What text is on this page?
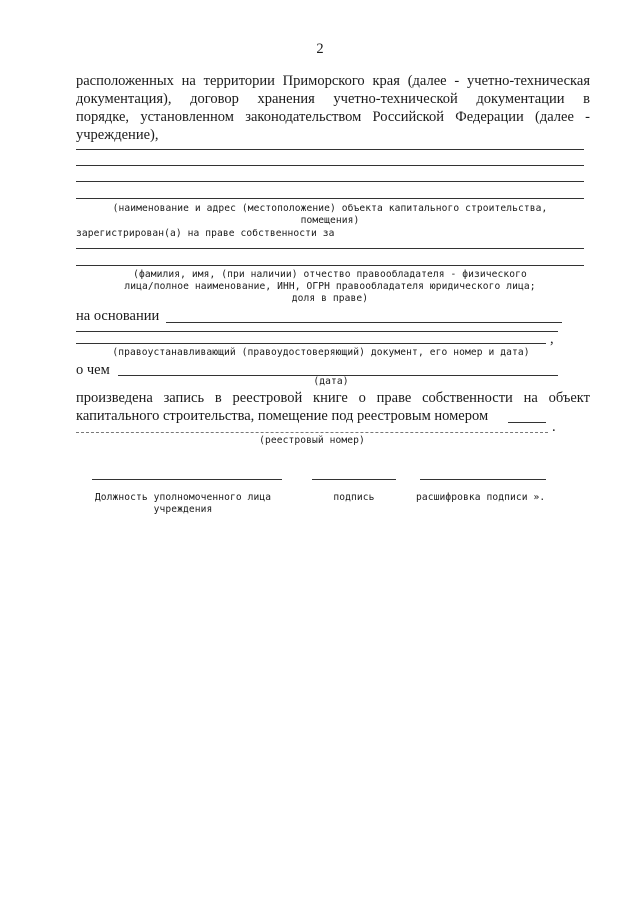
2
расположенных на территории Приморского края (далее - учетно-техническая
документация), договор хранения учетно-технической документации в
порядке, установленном законодательством Российской Федерации (далее -
учреждение),
(наименование и адрес (местоположение) объекта капитального строительства,
помещения)
зарегистрирован(а) на праве собственности за
(фамилия, имя, (при наличии) отчество правообладателя - физического
лица/полное наименование, ИНН, ОГРН правообладателя юридического лица;
доля в праве)
на основании
,
(правоустанавливающий (правоудостоверяющий) документ, его номер и дата)
о чем
(дата)
произведена запись в реестровой книге о праве собственности на объект
капитального строительства, помещение под реестровым номером
.
(реестровый номер)
Должность уполномоченного лица
учреждения
подпись	расшифровка подписи ».
